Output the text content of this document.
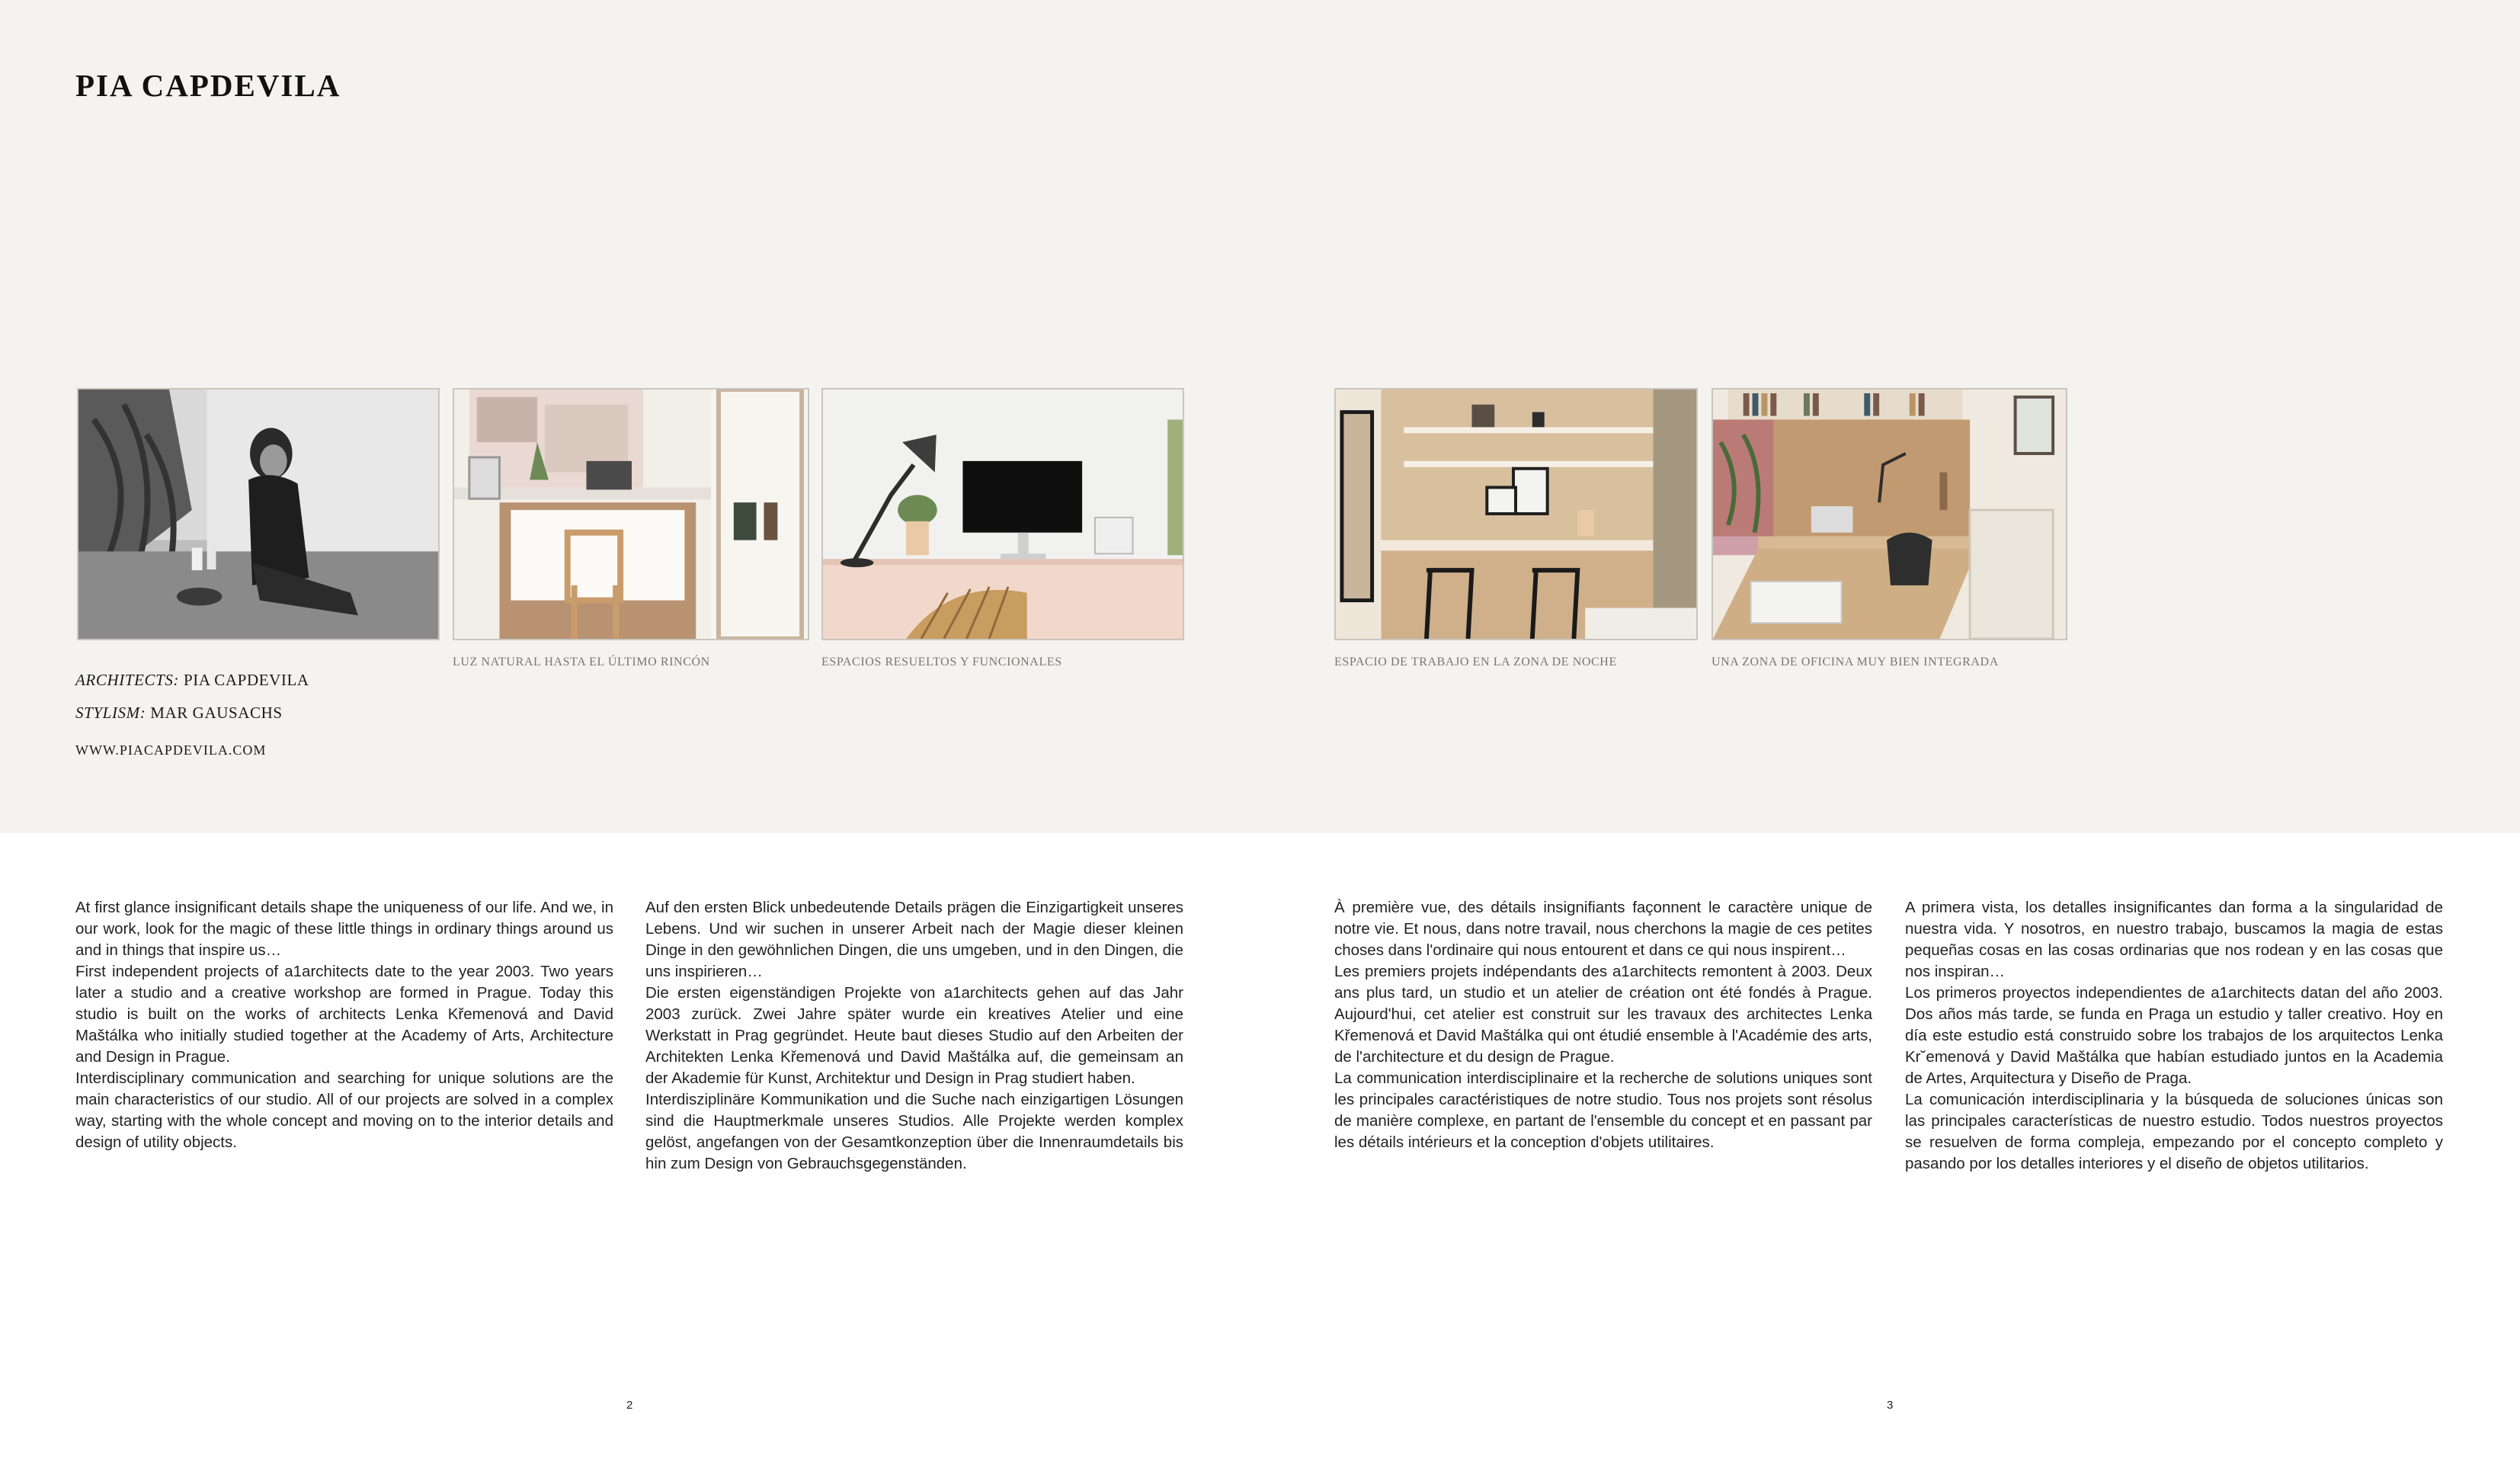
PIA CAPDEVILA

LUZ NATURAL HASTA EL ÚLTIMO RINCÓN	ESPACIOS RESUELTOS Y FUNCIONALES	ESPACIO DE TRABAJO EN LA ZONA DE NOCHE	UNA ZONA DE OFICINA MUY BIEN INTEGRADA

ARCHITECTS: PIA CAPDEVILA

STYLISM: MAR GAUSACHS

WWW.PIACAPDEVILA.COM

At first glance insignificant details shape the uniqueness of our life. And we, in our work, look for the magic of these little things in ordinary things around us and in things that inspire us…

First independent projects of a1architects date to the year 2003. Two years later a studio and a creative workshop are formed in Prague. Today this studio is built on the works of architects Lenka Křemenová and David Maštálka who initially studied together at the Academy of Arts, Architecture and Design in Prague.

Interdisciplinary communication and searching for unique solutions are the main characteristics of our studio. All of our projects are solved in a complex way, starting with the whole concept and moving on to the interior details and design of utility objects.

Auf den ersten Blick unbedeutende Details prägen die Einzigartigkeit unseres Lebens. Und wir suchen in unserer Arbeit nach der Magie dieser kleinen Dinge in den gewöhnlichen Dingen, die uns umgeben, und in den Dingen, die uns inspirieren…

Die ersten eigenständigen Projekte von a1architects gehen auf das Jahr 2003 zurück. Zwei Jahre später wurde ein kreatives Atelier und eine Werkstatt in Prag gegründet. Heute baut dieses Studio auf den Arbeiten der Architekten Lenka Křemenová und David Maštálka auf, die gemeinsam an der Akademie für Kunst, Architektur und Design in Prag studiert haben.

Interdisziplinäre Kommunikation und die Suche nach einzigartigen Lösungen sind die Hauptmerkmale unseres Studios. Alle Projekte werden komplex gelöst, angefangen von der Gesamtkonzeption über die Innenraumdetails bis hin zum Design von Gebrauchsgegenständen.

À première vue, des détails insignifiants façonnent le caractère unique de notre vie. Et nous, dans notre travail, nous cherchons la magie de ces petites choses dans l'ordinaire qui nous entourent et dans ce qui nous inspirent…

Les premiers projets indépendants des a1architects remontent à 2003. Deux ans plus tard, un studio et un atelier de création ont été fondés à Prague. Aujourd'hui, cet atelier est construit sur les travaux des architectes Lenka Křemenová et David Maštálka qui ont étudié ensemble à l'Académie des arts, de l'architecture et du design de Prague.

La communication interdisciplinaire et la recherche de solutions uniques sont les principales caractéristiques de notre studio. Tous nos projets sont résolus de manière complexe, en partant de l'ensemble du concept et en passant par les détails intérieurs et la conception d'objets utilitaires.

A primera vista, los detalles insignificantes dan forma a la singularidad de nuestra vida. Y nosotros, en nuestro trabajo, buscamos la magia de estas pequeñas cosas en las cosas ordinarias que nos rodean y en las cosas que nos inspiran…

Los primeros proyectos independientes de a1architects datan del año 2003. Dos años más tarde, se funda en Praga un estudio y taller creativo. Hoy en día este estudio está construido sobre los trabajos de los arquitectos Lenka Kr˘emenová y David Maštálka que habían estudiado juntos en la Academia de Artes, Arquitectura y Diseño de Praga.

La comunicación interdisciplinaria y la búsqueda de soluciones únicas son las principales características de nuestro estudio. Todos nuestros proyectos se resuelven de forma compleja, empezando por el concepto completo y pasando por los detalles interiores y el diseño de objetos utilitarios.

2	3
